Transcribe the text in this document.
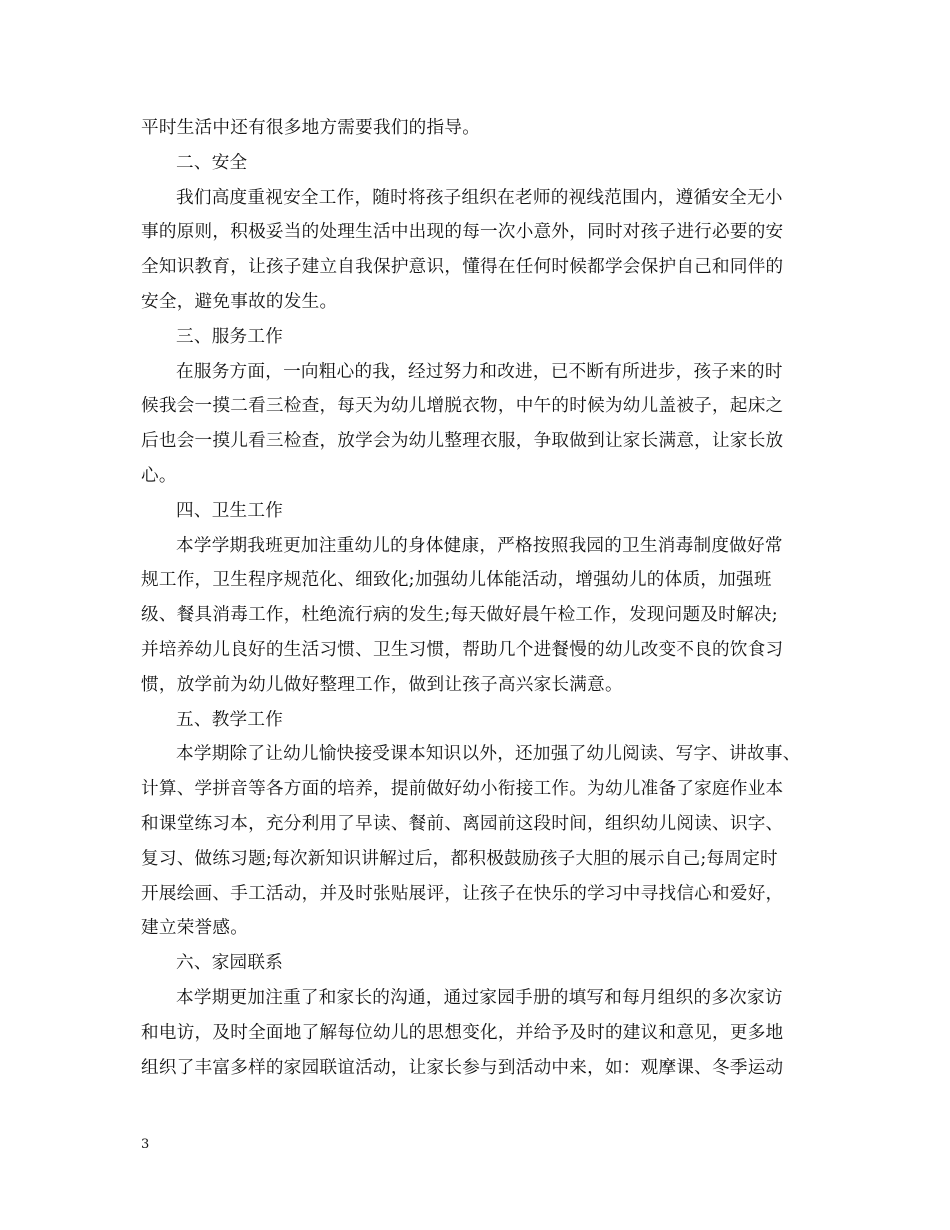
平时生活中还有很多地方需要我们的指导。
二、安全
我们高度重视安全工作，随时将孩子组织在老师的视线范围内，遵循安全无小
事的原则，积极妥当的处理生活中出现的每一次小意外，同时对孩子进行必要的安
全知识教育，让孩子建立自我保护意识，懂得在任何时候都学会保护自己和同伴的
安全，避免事故的发生。
三、服务工作
在服务方面，一向粗心的我，经过努力和改进，已不断有所进步，孩子来的时
候我会一摸二看三检查，每天为幼儿增脱衣物，中午的时候为幼儿盖被子，起床之
后也会一摸儿看三检查，放学会为幼儿整理衣服，争取做到让家长满意，让家长放
心。
四、卫生工作
本学学期我班更加注重幼儿的身体健康，严格按照我园的卫生消毒制度做好常
规工作，卫生程序规范化、细致化;加强幼儿体能活动，增强幼儿的体质，加强班
级、餐具消毒工作，杜绝流行病的发生;每天做好晨午检工作，发现问题及时解决;
并培养幼儿良好的生活习惯、卫生习惯，帮助几个进餐慢的幼儿改变不良的饮食习
惯，放学前为幼儿做好整理工作，做到让孩子高兴家长满意。
五、教学工作
本学期除了让幼儿愉快接受课本知识以外，还加强了幼儿阅读、写字、讲故事、
计算、学拼音等各方面的培养，提前做好幼小衔接工作。为幼儿准备了家庭作业本
和课堂练习本，充分利用了早读、餐前、离园前这段时间，组织幼儿阅读、识字、
复习、做练习题;每次新知识讲解过后，都积极鼓励孩子大胆的展示自己;每周定时
开展绘画、手工活动，并及时张贴展评，让孩子在快乐的学习中寻找信心和爱好，
建立荣誉感。
六、家园联系
本学期更加注重了和家长的沟通，通过家园手册的填写和每月组织的多次家访
和电访，及时全面地了解每位幼儿的思想变化，并给予及时的建议和意见，更多地
组织了丰富多样的家园联谊活动，让家长参与到活动中来，如：观摩课、冬季运动
3
